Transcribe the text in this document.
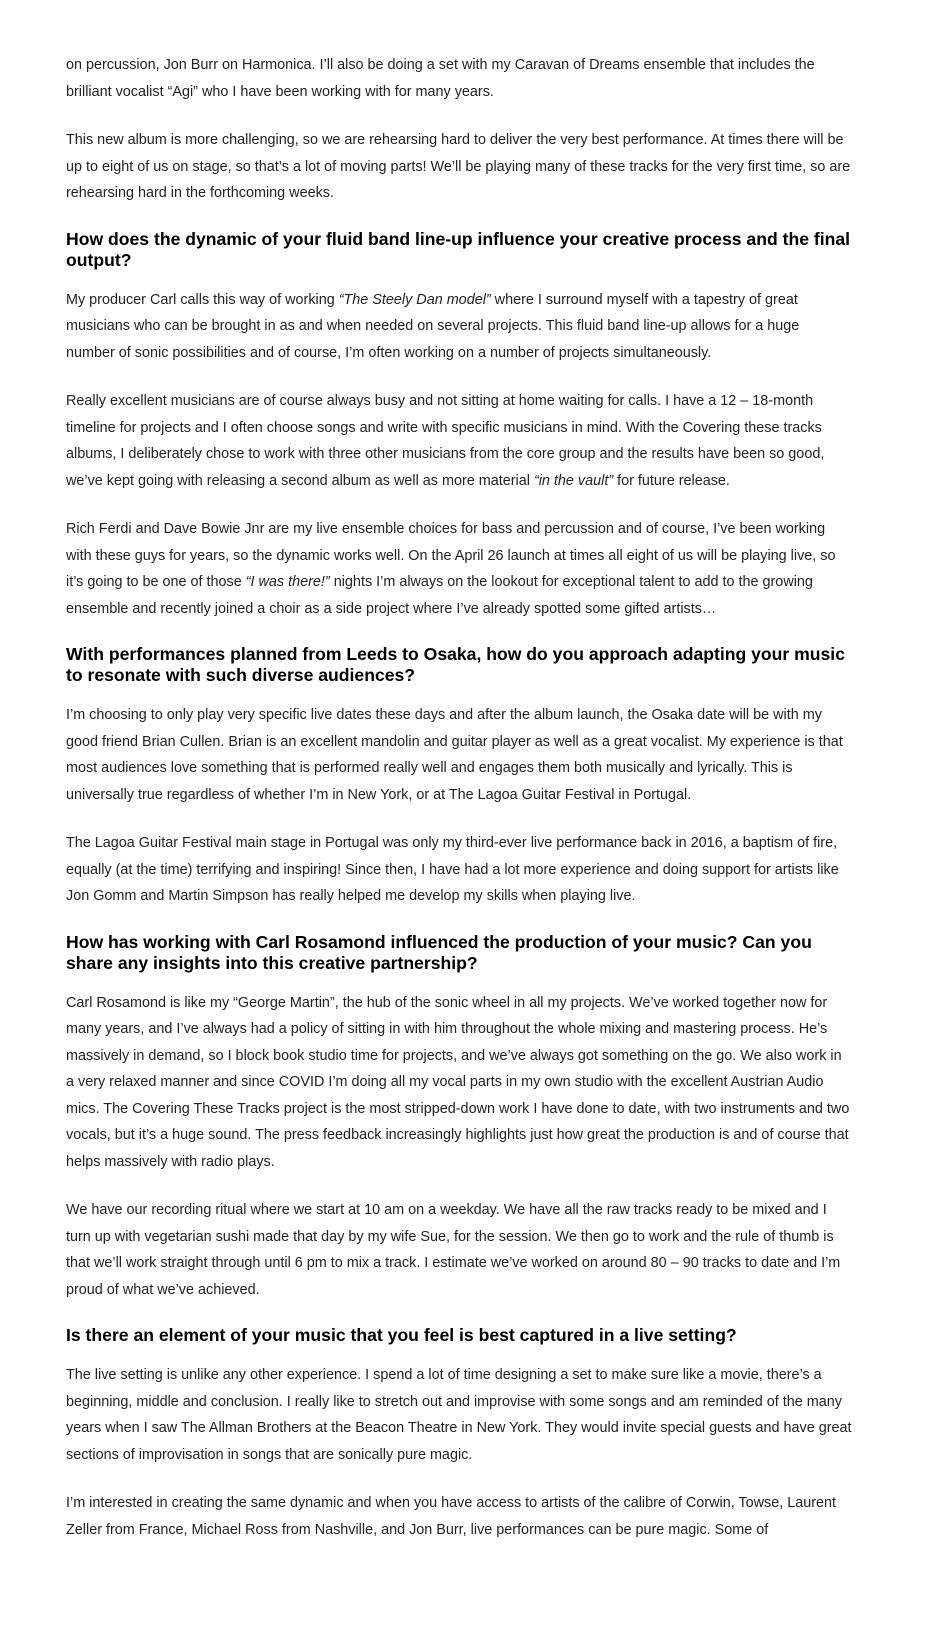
on percussion, Jon Burr on Harmonica. I’ll also be doing a set with my Caravan of Dreams ensemble that includes the brilliant vocalist “Agi” who I have been working with for many years.

This new album is more challenging, so we are rehearsing hard to deliver the very best performance. At times there will be up to eight of us on stage, so that’s a lot of moving parts! We’ll be playing many of these tracks for the very first time, so are rehearsing hard in the forthcoming weeks.

How does the dynamic of your fluid band line-up influence your creative process and the final output?

My producer Carl calls this way of working “The Steely Dan model” where I surround myself with a tapestry of great musicians who can be brought in as and when needed on several projects. This fluid band line-up allows for a huge number of sonic possibilities and of course, I’m often working on a number of projects simultaneously.

Really excellent musicians are of course always busy and not sitting at home waiting for calls. I have a 12 – 18-month timeline for projects and I often choose songs and write with specific musicians in mind. With the Covering these tracks albums, I deliberately chose to work with three other musicians from the core group and the results have been so good, we’ve kept going with releasing a second album as well as more material “in the vault” for future release.

Rich Ferdi and Dave Bowie Jnr are my live ensemble choices for bass and percussion and of course, I’ve been working with these guys for years, so the dynamic works well. On the April 26 launch at times all eight of us will be playing live, so it’s going to be one of those “I was there!” nights I’m always on the lookout for exceptional talent to add to the growing ensemble and recently joined a choir as a side project where I’ve already spotted some gifted artists…

With performances planned from Leeds to Osaka, how do you approach adapting your music to resonate with such diverse audiences?

I’m choosing to only play very specific live dates these days and after the album launch, the Osaka date will be with my good friend Brian Cullen. Brian is an excellent mandolin and guitar player as well as a great vocalist. My experience is that most audiences love something that is performed really well and engages them both musically and lyrically. This is universally true regardless of whether I’m in New York, or at The Lagoa Guitar Festival in Portugal.

The Lagoa Guitar Festival main stage in Portugal was only my third-ever live performance back in 2016, a baptism of fire, equally (at the time) terrifying and inspiring! Since then, I have had a lot more experience and doing support for artists like Jon Gomm and Martin Simpson has really helped me develop my skills when playing live.

How has working with Carl Rosamond influenced the production of your music? Can you share any insights into this creative partnership?

Carl Rosamond is like my “George Martin”, the hub of the sonic wheel in all my projects. We’ve worked together now for many years, and I’ve always had a policy of sitting in with him throughout the whole mixing and mastering process. He’s massively in demand, so I block book studio time for projects, and we’ve always got something on the go. We also work in a very relaxed manner and since COVID I’m doing all my vocal parts in my own studio with the excellent Austrian Audio mics. The Covering These Tracks project is the most stripped-down work I have done to date, with two instruments and two vocals, but it’s a huge sound. The press feedback increasingly highlights just how great the production is and of course that helps massively with radio plays.

We have our recording ritual where we start at 10 am on a weekday. We have all the raw tracks ready to be mixed and I turn up with vegetarian sushi made that day by my wife Sue, for the session. We then go to work and the rule of thumb is that we’ll work straight through until 6 pm to mix a track. I estimate we’ve worked on around 80 – 90 tracks to date and I’m proud of what we’ve achieved.

Is there an element of your music that you feel is best captured in a live setting?

The live setting is unlike any other experience. I spend a lot of time designing a set to make sure like a movie, there’s a beginning, middle and conclusion. I really like to stretch out and improvise with some songs and am reminded of the many years when I saw The Allman Brothers at the Beacon Theatre in New York. They would invite special guests and have great sections of improvisation in songs that are sonically pure magic.

I’m interested in creating the same dynamic and when you have access to artists of the calibre of Corwin, Towse, Laurent Zeller from France, Michael Ross from Nashville, and Jon Burr, live performances can be pure magic. Some of
